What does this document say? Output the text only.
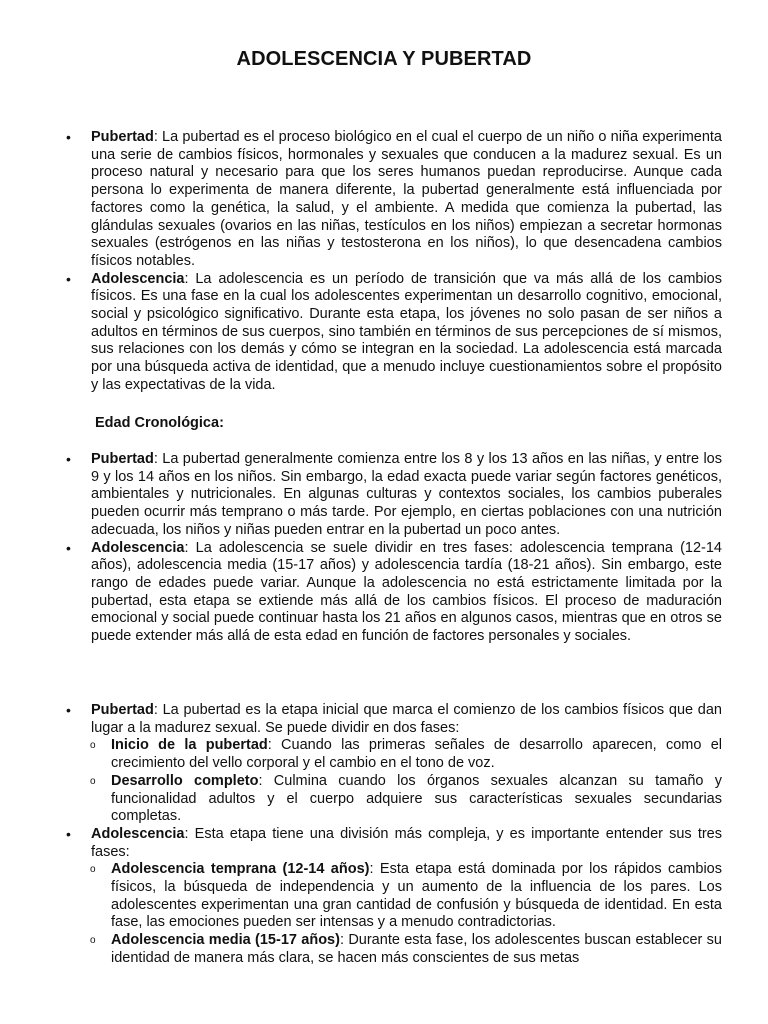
ADOLESCENCIA Y PUBERTAD
•	Pubertad: La pubertad es el proceso biológico en el cual el cuerpo de un niño o niña experimenta una serie de cambios físicos, hormonales y sexuales que conducen a la madurez sexual. Es un proceso natural y necesario para que los seres humanos puedan reproducirse. Aunque cada persona lo experimenta de manera diferente, la pubertad generalmente está influenciada por factores como la genética, la salud, y el ambiente. A medida que comienza la pubertad, las glándulas sexuales (ovarios en las niñas, testículos en los niños) empiezan a secretar hormonas sexuales (estrógenos en las niñas y testosterona en los niños), lo que desencadena cambios físicos notables.
•	Adolescencia: La adolescencia es un período de transición que va más allá de los cambios físicos. Es una fase en la cual los adolescentes experimentan un desarrollo cognitivo, emocional, social y psicológico significativo. Durante esta etapa, los jóvenes no solo pasan de ser niños a adultos en términos de sus cuerpos, sino también en términos de sus percepciones de sí mismos, sus relaciones con los demás y cómo se integran en la sociedad. La adolescencia está marcada por una búsqueda activa de identidad, que a menudo incluye cuestionamientos sobre el propósito y las expectativas de la vida.
Edad Cronológica:
•	Pubertad: La pubertad generalmente comienza entre los 8 y los 13 años en las niñas, y entre los 9 y los 14 años en los niños. Sin embargo, la edad exacta puede variar según factores genéticos, ambientales y nutricionales. En algunas culturas y contextos sociales, los cambios puberales pueden ocurrir más temprano o más tarde. Por ejemplo, en ciertas poblaciones con una nutrición adecuada, los niños y niñas pueden entrar en la pubertad un poco antes.
•	Adolescencia: La adolescencia se suele dividir en tres fases: adolescencia temprana (12-14 años), adolescencia media (15-17 años) y adolescencia tardía (18-21 años). Sin embargo, este rango de edades puede variar. Aunque la adolescencia no está estrictamente limitada por la pubertad, esta etapa se extiende más allá de los cambios físicos. El proceso de maduración emocional y social puede continuar hasta los 21 años en algunos casos, mientras que en otros se puede extender más allá de esta edad en función de factores personales y sociales.
•	Pubertad: La pubertad es la etapa inicial que marca el comienzo de los cambios físicos que dan lugar a la madurez sexual. Se puede dividir en dos fases:
o Inicio de la pubertad: Cuando las primeras señales de desarrollo aparecen, como el crecimiento del vello corporal y el cambio en el tono de voz.
o Desarrollo completo: Culmina cuando los órganos sexuales alcanzan su tamaño y funcionalidad adultos y el cuerpo adquiere sus características sexuales secundarias completas.
•	Adolescencia: Esta etapa tiene una división más compleja, y es importante entender sus tres fases:
o Adolescencia temprana (12-14 años): Esta etapa está dominada por los rápidos cambios físicos, la búsqueda de independencia y un aumento de la influencia de los pares. Los adolescentes experimentan una gran cantidad de confusión y búsqueda de identidad. En esta fase, las emociones pueden ser intensas y a menudo contradictorias.
o Adolescencia media (15-17 años): Durante esta fase, los adolescentes buscan establecer su identidad de manera más clara, se hacen más conscientes de sus metas
